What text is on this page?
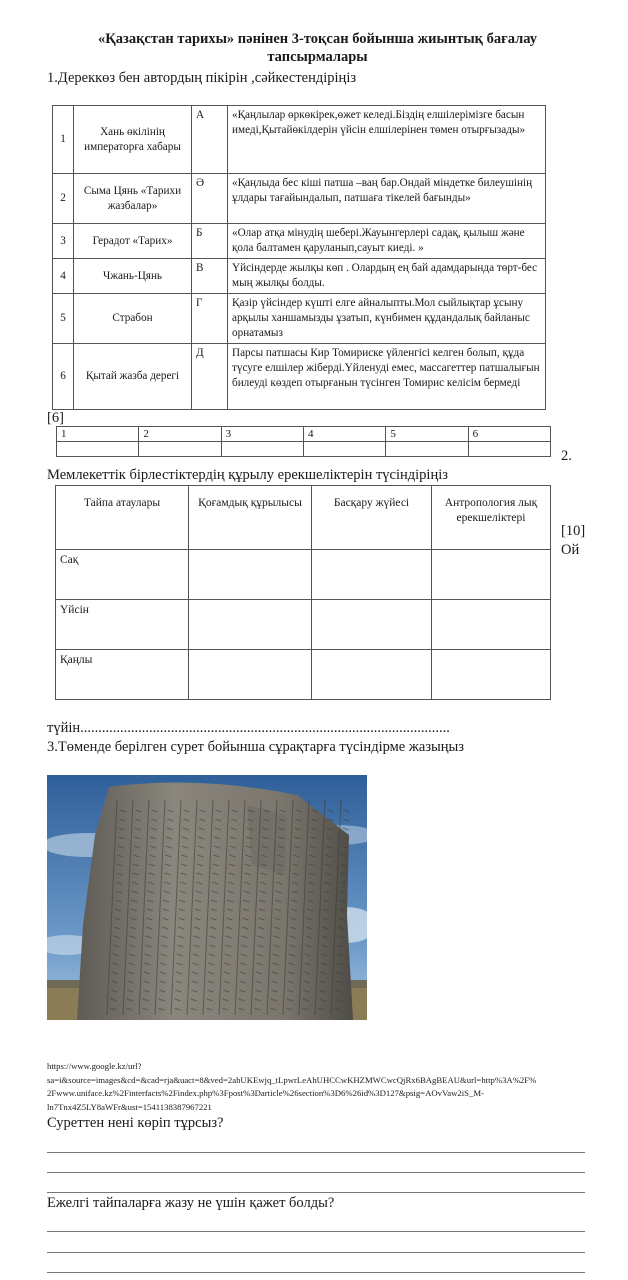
«Қазақстан тарихы» пәнінен 3-тоқсан бойынша жиынтық бағалау
тапсырмалары
1.Дереккөз бен автордың пікірін ,сәйкестендіріңіз
1	Хань өкілінің императорға хабары	А	«Қаңлылар өркөкірек,өжет келеді.Біздің елшілерімізге басын имеді,Қытайөкілдерін үйсін елшілерінен төмен отырғызады»
2	Сыма Цянь «Тарихи жазбалар»	Ә	«Қаңлыда бес кіші патша –ваң бар.Ондай міндетке билеушінің ұлдары тағайындалып, патшаға тікелей бағынды»
3	Герадот «Тарих»	Б	«Олар атқа мінудің шебері.Жауынгерлері садақ, қылыш және қола балтамен қаруланып,сауыт киеді. »
4	Чжань-Цянь	В	Үйсіндерде жылқы көп . Олардың ең бай адамдарында төрт-бес мың жылқы болды.
5	Страбон	Г	Қазір үйсіндер күшті елге айналыпты.Мол сыйлықтар ұсыну арқылы ханшамызды ұзатып, күнбимен құдандалық байланыс орнатамыз
6	Қытай жазба дерегі	Д	Парсы патшасы Кир Томириске үйленгісі келген болып, құда түсуге елшілер жіберді.Үйленуді емес, массагеттер патшалығын билеуді көздеп отырғанын түсінген Томирис келісім бермеді
[6]
1	2	3	4	5	6

2.
Мемлекеттік бірлестіктердің құрылу ерекшеліктерін түсіндіріңіз
Тайпа атаулары	Қоғамдық құрылысы	Басқару жүйесі	Антропология лық ерекшеліктері
Сақ			
Үйсін			
Қаңлы			
[10]
Ой
түйін......................................................................................................
3.Төменде берілген сурет бойынша сұрақтарға түсіндірме жазыңыз
https://www.google.kz/url?
sa=i&source=images&cd=&cad=rja&uact=8&ved=2ahUKEwjq_tLpwrLeAhUHCCwKHZMWCwcQjRx6BAgBEAU&url=http%3A%2F%
2Fwww.uniface.kz%2Finterfacts%2Findex.php%3Fpost%3Darticle%26section%3D6%26id%3D127&psig=AOvVaw2iS_M-
ln7Tnx4Z5LY8aWFr&ust=1541138387967221
Суреттен нені көріп тұрсыз?
Ежелгі тайпаларға жазу не үшін қажет болды?
